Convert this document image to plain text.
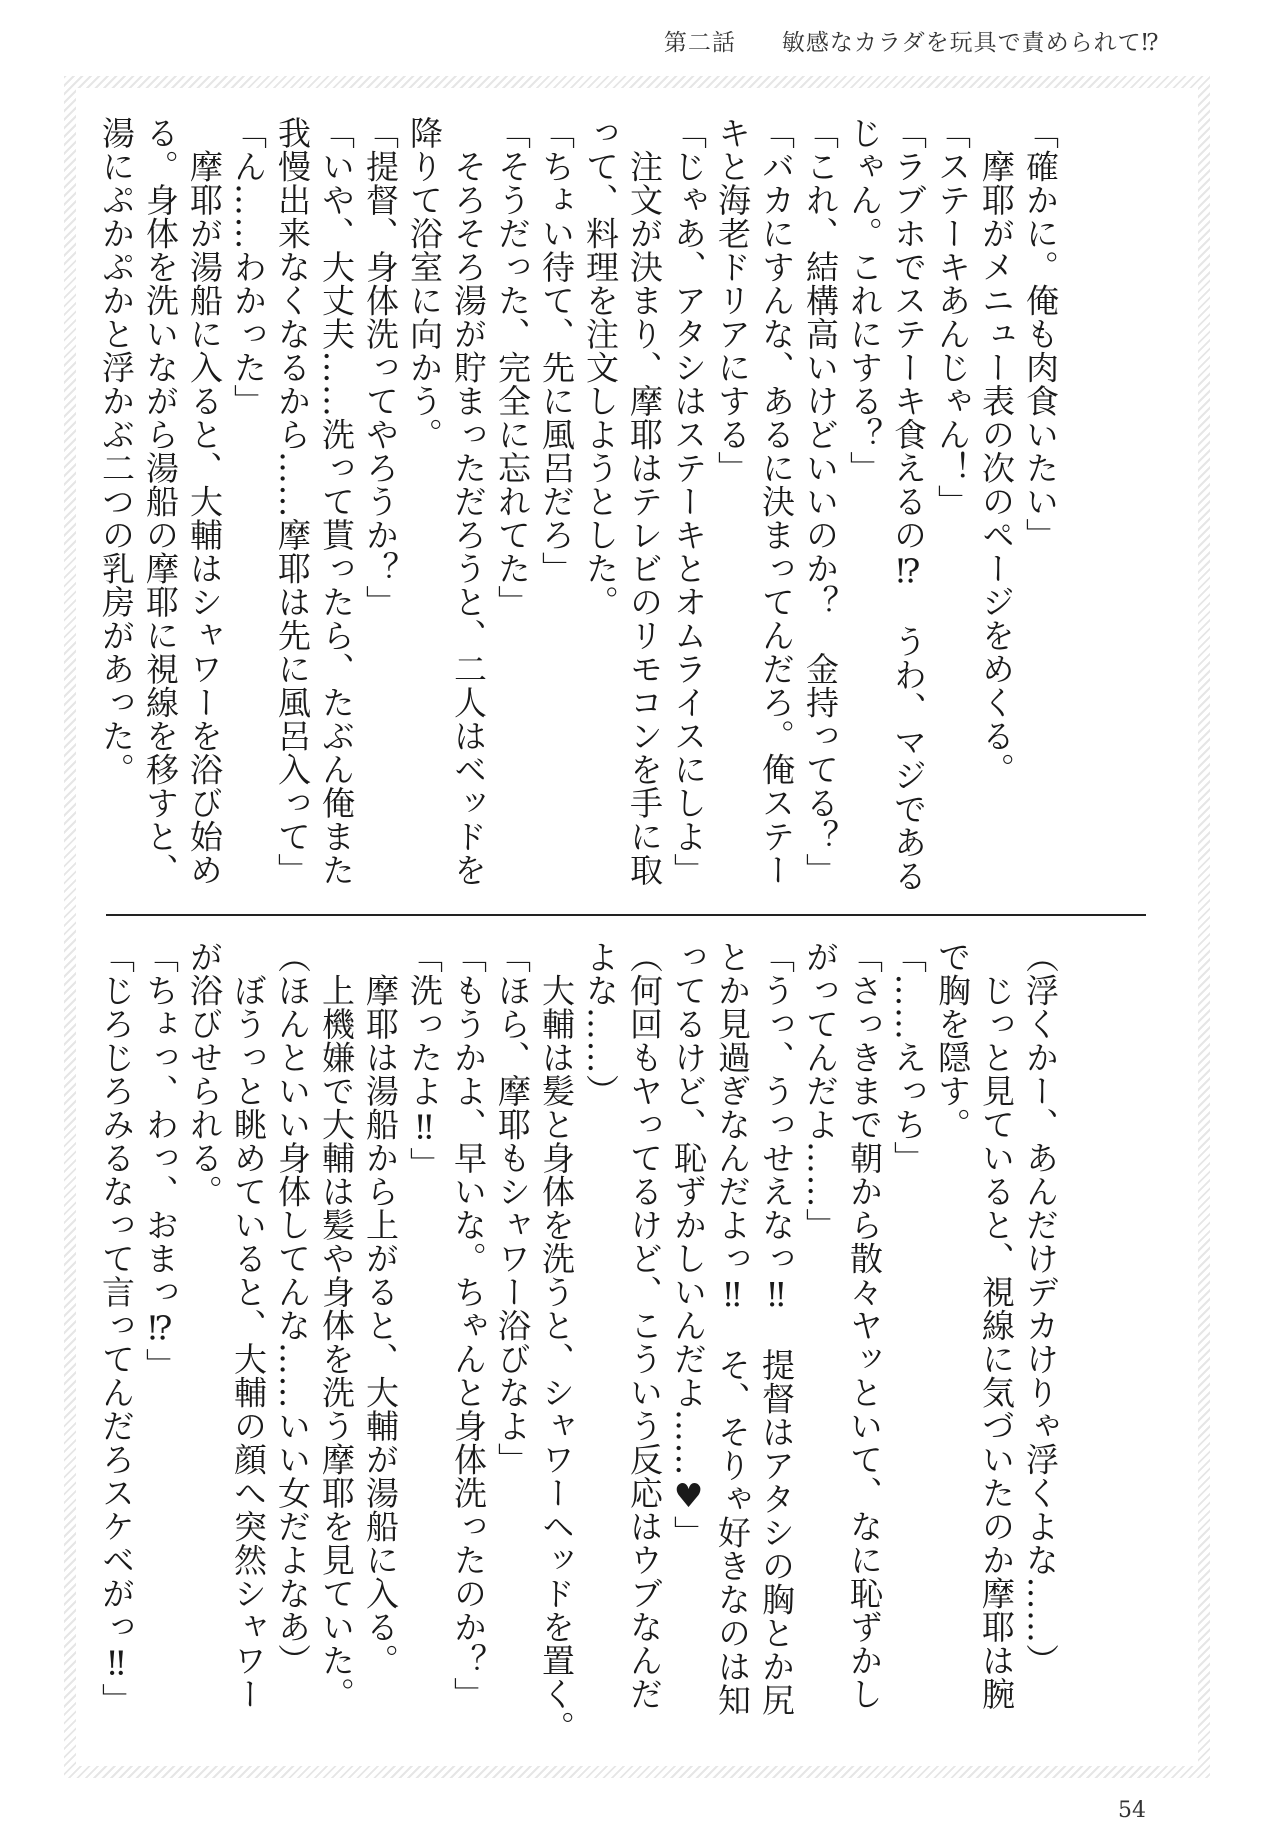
第二話 敏感なカラダを玩具で責められて⁉
「確かに。俺も肉食いたい」
　摩耶がメニュー表の次のページをめくる。
「ステーキあんじゃん！」
「ラブホでステーキ食えるの⁉　うわ、マジである
じゃん。これにする？」
「これ、結構高いけどいいのか？　金持ってる？」
「バカにすんな、あるに決まってんだろ。俺ステー
キと海老ドリアにする」
「じゃあ、アタシはステーキとオムライスにしよ」
　注文が決まり、摩耶はテレビのリモコンを手に取
って、料理を注文しようとした。
「ちょい待て、先に風呂だろ」
「そうだった、完全に忘れてた」
　そろそろ湯が貯まっただろうと、二人はベッドを
降りて浴室に向かう。
「提督、身体洗ってやろうか？」
「いや、大丈夫……洗って貰ったら、たぶん俺また
我慢出来なくなるから……摩耶は先に風呂入って」
「ん……わかった」
　摩耶が湯船に入ると、大輔はシャワーを浴び始め
る。身体を洗いながら湯船の摩耶に視線を移すと、
湯にぷかぷかと浮かぶ二つの乳房があった。
（浮くかー、あんだけデカけりゃ浮くよな……）
　じっと見ていると、視線に気づいたのか摩耶は腕
で胸を隠す。
「……えっち」
「さっきまで朝から散々ヤッといて、なに恥ずかし
がってんだよ……」
「うっ、うっせえなっ‼　提督はアタシの胸とか尻
とか見過ぎなんだよっ‼　そ、そりゃ好きなのは知
ってるけど、恥ずかしいんだよ……♥」
（何回もヤってるけど、こういう反応はウブなんだ
よな……）
　大輔は髪と身体を洗うと、シャワーヘッドを置く。
「ほら、摩耶もシャワー浴びなよ」
「もうかよ、早いな。ちゃんと身体洗ったのか？」
「洗ったよ‼」
　摩耶は湯船から上がると、大輔が湯船に入る。
　上機嫌で大輔は髪や身体を洗う摩耶を見ていた。
（ほんといい身体してんな……いい女だよなあ）
　ぼうっと眺めていると、大輔の顔へ突然シャワー
が浴びせられる。
「ちょっ、わっ、おまっ⁉」
「じろじろみるなって言ってんだろスケベがっ‼」
54
